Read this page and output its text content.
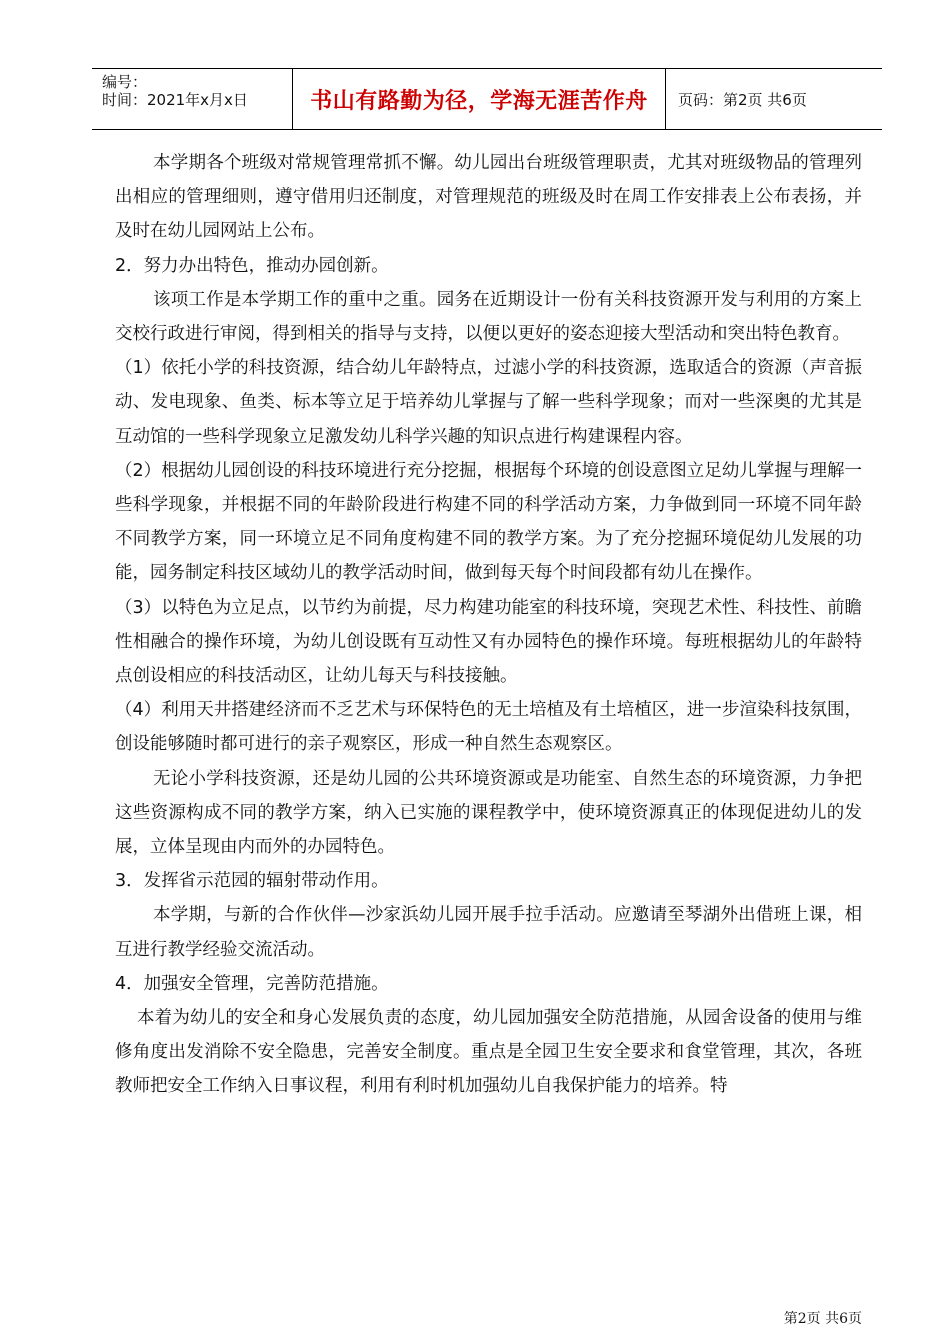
编号：
时间：2021年x月x日	书山有路勤为径，学海无涯苦作舟 页码：第2页 共6页

本学期各个班级对常规管理常抓不懈。幼儿园出台班级管理职责，尤其对班级物品的管理列出相应的管理细则，遵守借用归还制度，对管理规范的班级及时在周工作安排表上公布表扬，并及时在幼儿园网站上公布。

2．努力办出特色，推动办园创新。

该项工作是本学期工作的重中之重。园务在近期设计一份有关科技资源开发与利用的方案上交校行政进行审阅，得到相关的指导与支持，以便以更好的姿态迎接大型活动和突出特色教育。

（1）依托小学的科技资源，结合幼儿年龄特点，过滤小学的科技资源，选取适合的资源（声音振动、发电现象、鱼类、标本等立足于培养幼儿掌握与了解一些科学现象；而对一些深奥的尤其是互动馆的一些科学现象立足激发幼儿科学兴趣的知识点进行构建课程内容。

（2）根据幼儿园创设的科技环境进行充分挖掘，根据每个环境的创设意图立足幼儿掌握与理解一些科学现象，并根据不同的年龄阶段进行构建不同的科学活动方案，力争做到同一环境不同年龄不同教学方案，同一环境立足不同角度构建不同的教学方案。为了充分挖掘环境促幼儿发展的功能，园务制定科技区域幼儿的教学活动时间，做到每天每个时间段都有幼儿在操作。

（3）以特色为立足点，以节约为前提，尽力构建功能室的科技环境，突现艺术性、科技性、前瞻性相融合的操作环境，为幼儿创设既有互动性又有办园特色的操作环境。每班根据幼儿的年龄特点创设相应的科技活动区，让幼儿每天与科技接触。

（4）利用天井搭建经济而不乏艺术与环保特色的无土培植及有土培植区，进一步渲染科技氛围，创设能够随时都可进行的亲子观察区，形成一种自然生态观察区。

无论小学科技资源，还是幼儿园的公共环境资源或是功能室、自然生态的环境资源，力争把这些资源构成不同的教学方案，纳入已实施的课程教学中，使环境资源真正的体现促进幼儿的发展，立体呈现由内而外的办园特色。

3．发挥省示范园的辐射带动作用。

本学期，与新的合作伙伴—沙家浜幼儿园开展手拉手活动。应邀请至琴湖外出借班上课，相互进行教学经验交流活动。

4．加强安全管理，完善防范措施。

本着为幼儿的安全和身心发展负责的态度，幼儿园加强安全防范措施，从园舍设备的使用与维修角度出发消除不安全隐患，完善安全制度。重点是全园卫生安全要求和食堂管理，其次，各班教师把安全工作纳入日事议程，利用有利时机加强幼儿自我保护能力的培养。特

第2页 共6页
